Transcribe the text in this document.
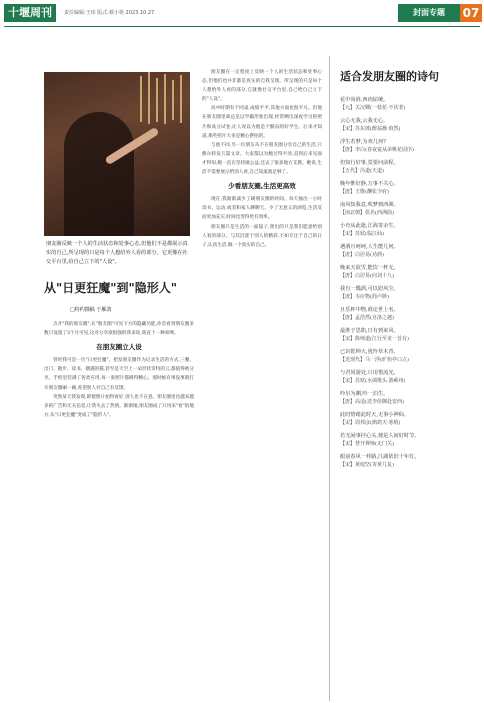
十堰周刊	责任编辑:王玮 版式:蔡小艳 2023.10.27	封面专题	07
朋友圈反映一个人的生活状态和处事心态,但他们不是都展示真实的自己,所呈现的只是每个人想给外人看的部分。它更像在社交平台里,给自己立下的"人设"。
从"日更狂魔"到"隐形人"
□特约撰稿 于雁鸽

点开"我的朋友圈",在"朋友圈"可见下方的隐藏功能,你会看到朋友圈多数只设置了3个月可见,这对分享欲很强的我来说,简直十一种束缚。

在朋友圈立人设

曾经我可是一位"日更狂魔"。把发朋友圈作为记录生活的方式,三餐、出门、散步、读书、偶遇的猫,甚至是天空上一朵形状奇特的云,都值得被分享。手机里装满了各类应用,每一张照片都修得精心。那时候有事没事就打开朋友圈刷一刷,希望别人对自己有反馈。

突然某天我发现,即使照片拍得再好,别人也不在意。朋友圈里也越来越多的广告和无关信息,让我失去了热情。渐渐地,朋友圈成了只用来"看"的地方,从"日更狂魔"变成了"隐形人"。

朋友圈在一定程度上反映一个人的生活状态和处事心态,但他们也并非都是真实的自我呈现。所呈现的只是每个人想给外人看的部分,它就像社交平台里,自己给自己立下的"人设"。

高中时期有个同桌,成绩平平,其他方面也很平凡。但他在朋友圈里却总是以学霸形象出现,经常晒出深夜学习的照片和高分试卷,让人误以为他是个勤奋的好学生。后来才知道,那些照片大多是精心摆拍的。

与他不同,另一位朋友从不在朋友圈分享自己的生活,只偶尔转发几篇文章。大家都以为她过得平淡,直到后来见面才得知,她一直在坚持做公益,还去了很多地方支教。她说,生活不需要展示给别人看,自己知道就足够了。

少看朋友圈,生活更高效

现在,我渐渐减少了刷朋友圈的时间。每天抽出一小时读书、运动,或者和家人聊聊天。少了无意义的浏览,生活反而更加充实,时间也变得更有效率。

朋友圈只是生活的一面镜子,照出的只是我们愿意给别人看的部分。与其沉迷于别人的精彩,不如专注于自己的日子,认真生活,做一个真实的自己。

适合发朋友圈的诗句
花中尚谁,西肉屈统。
【元】关汉卿(一枝花·不伏老)
云心无我,云我无心。
【宋】苏东坡(醉翁操·琅然)
浮生若梦,为欢几何?
【唐】李白(春夜宴从弟桃花园序)
但知行好事,莫要问前程。
【五代】冯道(天道)
晚年惟好静,万事不关心。
【唐】王维(酬张少府)
南风知我意,吹梦到西洲。
【南北朝】佚名(西洲曲)
小舟从此逝,江海寄余生。
【宋】苏轼(临江仙)
遇酒且呵呵,人生能几何。
【唐】白居易(劝酒)
晚来天欲雪,能饮一杯无。
【唐】白居易(问刘十九)
我有一瓢酒,可以慰风尘。
【唐】韦应物(简卢陟)
且乐杯中物,谁论世上名。
【唐】孟浩然(自洛之越)
最胜于思陷,日有到来风。
【宋】陈师道(江行至龙一首有)
已识乾坤大,犹怜草木青。
【近现代】马一浮(旷怡亭口占)
与君同游处,只用惜流光。
【宋】苏轼(水调歌头·游蕲州)
吟尔为渊,吟一泊生。
【唐】高适(送李侍御赴安西)
此时情绪此时天,无事小神仙。
【宋】周邦彦(鹧鸪天·寒梢)
若无闲事挂心头,便是人间好时节。
【宋】慧开禅师(无门关)
眼前春风一样路,江湖依旧十年灯。
【宋】黄庭坚(寄黄几复)
